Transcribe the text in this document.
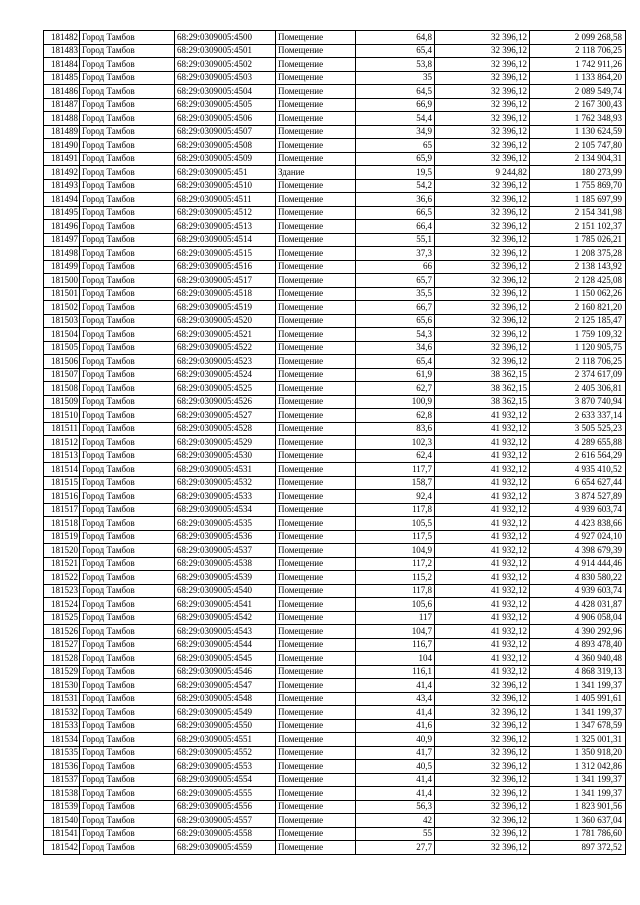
181482	Город Тамбов	68:29:0309005:4500	Помещение	64,8	32 396,12	2 099 268,58
181483	Город Тамбов	68:29:0309005:4501	Помещение	65,4	32 396,12	2 118 706,25
181484	Город Тамбов	68:29:0309005:4502	Помещение	53,8	32 396,12	1 742 911,26
181485	Город Тамбов	68:29:0309005:4503	Помещение	35	32 396,12	1 133 864,20
181486	Город Тамбов	68:29:0309005:4504	Помещение	64,5	32 396,12	2 089 549,74
181487	Город Тамбов	68:29:0309005:4505	Помещение	66,9	32 396,12	2 167 300,43
181488	Город Тамбов	68:29:0309005:4506	Помещение	54,4	32 396,12	1 762 348,93
181489	Город Тамбов	68:29:0309005:4507	Помещение	34,9	32 396,12	1 130 624,59
181490	Город Тамбов	68:29:0309005:4508	Помещение	65	32 396,12	2 105 747,80
181491	Город Тамбов	68:29:0309005:4509	Помещение	65,9	32 396,12	2 134 904,31
181492	Город Тамбов	68:29:0309005:451	Здание	19,5	9 244,82	180 273,99
181493	Город Тамбов	68:29:0309005:4510	Помещение	54,2	32 396,12	1 755 869,70
181494	Город Тамбов	68:29:0309005:4511	Помещение	36,6	32 396,12	1 185 697,99
181495	Город Тамбов	68:29:0309005:4512	Помещение	66,5	32 396,12	2 154 341,98
181496	Город Тамбов	68:29:0309005:4513	Помещение	66,4	32 396,12	2 151 102,37
181497	Город Тамбов	68:29:0309005:4514	Помещение	55,1	32 396,12	1 785 026,21
181498	Город Тамбов	68:29:0309005:4515	Помещение	37,3	32 396,12	1 208 375,28
181499	Город Тамбов	68:29:0309005:4516	Помещение	66	32 396,12	2 138 143,92
181500	Город Тамбов	68:29:0309005:4517	Помещение	65,7	32 396,12	2 128 425,08
181501	Город Тамбов	68:29:0309005:4518	Помещение	35,5	32 396,12	1 150 062,26
181502	Город Тамбов	68:29:0309005:4519	Помещение	66,7	32 396,12	2 160 821,20
181503	Город Тамбов	68:29:0309005:4520	Помещение	65,6	32 396,12	2 125 185,47
181504	Город Тамбов	68:29:0309005:4521	Помещение	54,3	32 396,12	1 759 109,32
181505	Город Тамбов	68:29:0309005:4522	Помещение	34,6	32 396,12	1 120 905,75
181506	Город Тамбов	68:29:0309005:4523	Помещение	65,4	32 396,12	2 118 706,25
181507	Город Тамбов	68:29:0309005:4524	Помещение	61,9	38 362,15	2 374 617,09
181508	Город Тамбов	68:29:0309005:4525	Помещение	62,7	38 362,15	2 405 306,81
181509	Город Тамбов	68:29:0309005:4526	Помещение	100,9	38 362,15	3 870 740,94
181510	Город Тамбов	68:29:0309005:4527	Помещение	62,8	41 932,12	2 633 337,14
181511	Город Тамбов	68:29:0309005:4528	Помещение	83,6	41 932,12	3 505 525,23
181512	Город Тамбов	68:29:0309005:4529	Помещение	102,3	41 932,12	4 289 655,88
181513	Город Тамбов	68:29:0309005:4530	Помещение	62,4	41 932,12	2 616 564,29
181514	Город Тамбов	68:29:0309005:4531	Помещение	117,7	41 932,12	4 935 410,52
181515	Город Тамбов	68:29:0309005:4532	Помещение	158,7	41 932,12	6 654 627,44
181516	Город Тамбов	68:29:0309005:4533	Помещение	92,4	41 932,12	3 874 527,89
181517	Город Тамбов	68:29:0309005:4534	Помещение	117,8	41 932,12	4 939 603,74
181518	Город Тамбов	68:29:0309005:4535	Помещение	105,5	41 932,12	4 423 838,66
181519	Город Тамбов	68:29:0309005:4536	Помещение	117,5	41 932,12	4 927 024,10
181520	Город Тамбов	68:29:0309005:4537	Помещение	104,9	41 932,12	4 398 679,39
181521	Город Тамбов	68:29:0309005:4538	Помещение	117,2	41 932,12	4 914 444,46
181522	Город Тамбов	68:29:0309005:4539	Помещение	115,2	41 932,12	4 830 580,22
181523	Город Тамбов	68:29:0309005:4540	Помещение	117,8	41 932,12	4 939 603,74
181524	Город Тамбов	68:29:0309005:4541	Помещение	105,6	41 932,12	4 428 031,87
181525	Город Тамбов	68:29:0309005:4542	Помещение	117	41 932,12	4 906 058,04
181526	Город Тамбов	68:29:0309005:4543	Помещение	104,7	41 932,12	4 390 292,96
181527	Город Тамбов	68:29:0309005:4544	Помещение	116,7	41 932,12	4 893 478,40
181528	Город Тамбов	68:29:0309005:4545	Помещение	104	41 932,12	4 360 940,48
181529	Город Тамбов	68:29:0309005:4546	Помещение	116,1	41 932,12	4 868 319,13
181530	Город Тамбов	68:29:0309005:4547	Помещение	41,4	32 396,12	1 341 199,37
181531	Город Тамбов	68:29:0309005:4548	Помещение	43,4	32 396,12	1 405 991,61
181532	Город Тамбов	68:29:0309005:4549	Помещение	41,4	32 396,12	1 341 199,37
181533	Город Тамбов	68:29:0309005:4550	Помещение	41,6	32 396,12	1 347 678,59
181534	Город Тамбов	68:29:0309005:4551	Помещение	40,9	32 396,12	1 325 001,31
181535	Город Тамбов	68:29:0309005:4552	Помещение	41,7	32 396,12	1 350 918,20
181536	Город Тамбов	68:29:0309005:4553	Помещение	40,5	32 396,12	1 312 042,86
181537	Город Тамбов	68:29:0309005:4554	Помещение	41,4	32 396,12	1 341 199,37
181538	Город Тамбов	68:29:0309005:4555	Помещение	41,4	32 396,12	1 341 199,37
181539	Город Тамбов	68:29:0309005:4556	Помещение	56,3	32 396,12	1 823 901,56
181540	Город Тамбов	68:29:0309005:4557	Помещение	42	32 396,12	1 360 637,04
181541	Город Тамбов	68:29:0309005:4558	Помещение	55	32 396,12	1 781 786,60
181542	Город Тамбов	68:29:0309005:4559	Помещение	27,7	32 396,12	897 372,52
